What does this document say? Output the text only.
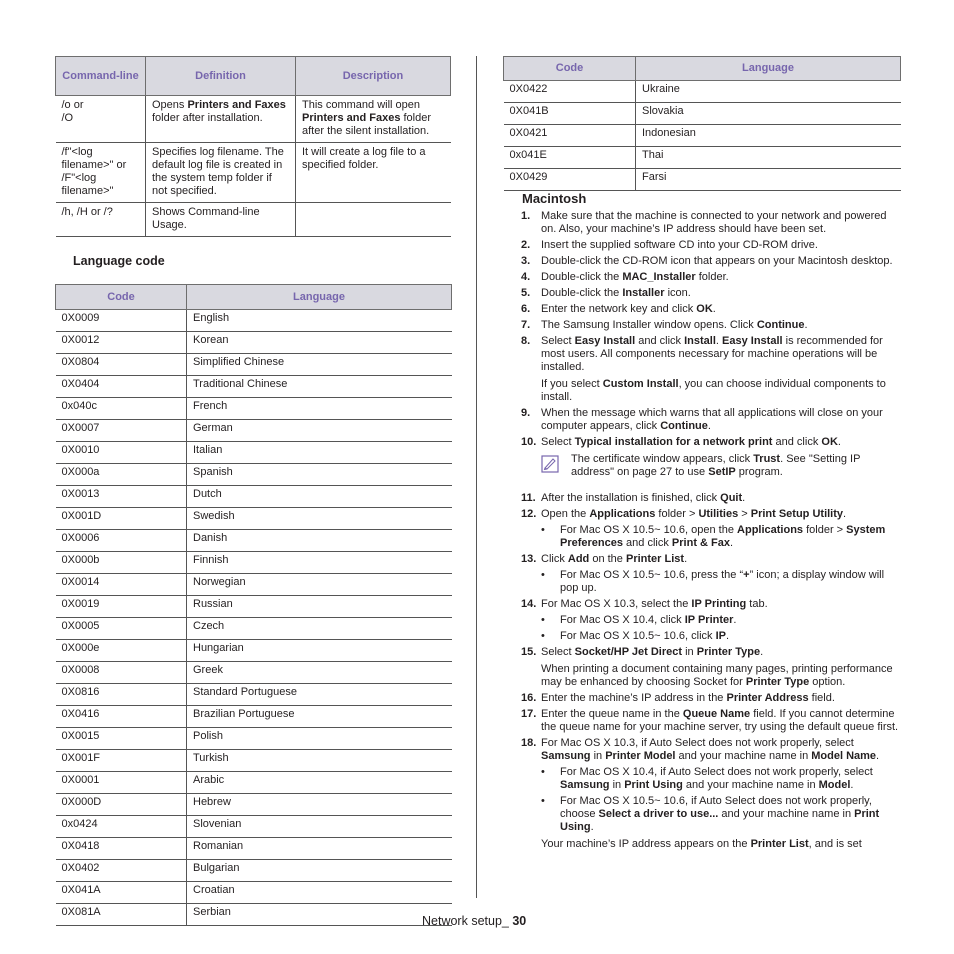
Command-line	Definition	Description

/o or
/O	Opens Printers and Faxes folder after installation.	This command will open Printers and Faxes folder after the silent installation.

/f"<log
filename>" or
/F"<log
filename>"	Specifies log filename. The default log file is created in the system temp folder if not specified.	It will create a log file to a specified folder.

/h, /H or /?	Shows Command-line Usage.	
Language code
Code	Language
0X0009	English
0X0012	Korean
0X0804	Simplified Chinese
0X0404	Traditional Chinese
0x040c	French
0X0007	German
0X0010	Italian
0X000a	Spanish
0X0013	Dutch
0X001D	Swedish
0X0006	Danish
0X000b	Finnish
0X0014	Norwegian
0X0019	Russian
0X0005	Czech
0X000e	Hungarian
0X0008	Greek
0X0816	Standard Portuguese
0X0416	Brazilian Portuguese
0X0015	Polish
0X001F	Turkish
0X0001	Arabic
0X000D	Hebrew
0x0424	Slovenian
0X0418	Romanian
0X0402	Bulgarian
0X041A	Croatian
0X081A	Serbian
Code	Language
0X0422	Ukraine
0X041B	Slovakia
0X0421	Indonesian
0x041E	Thai
0X0429	Farsi
Macintosh
1. Make sure that the machine is connected to your network and powered on. Also, your machine’s IP address should have been set.
2. Insert the supplied software CD into your CD-ROM drive.
3. Double-click the CD-ROM icon that appears on your Macintosh desktop.
4. Double-click the MAC_Installer folder.
5. Double-click the Installer icon.
6. Enter the network key and click OK.
7. The Samsung Installer window opens. Click Continue.
8. Select Easy Install and click Install. Easy Install is recommended for most users. All components necessary for machine operations will be installed.
If you select Custom Install, you can choose individual components to install.
9. When the message which warns that all applications will close on your computer appears, click Continue.
10. Select Typical installation for a network print and click OK.
The certificate window appears, click Trust. See "Setting IP address" on page 27 to use SetIP program.
11. After the installation is finished, click Quit.
12. Open the Applications folder > Utilities > Print Setup Utility.
• For Mac OS X 10.5~ 10.6, open the Applications folder > System Preferences and click Print & Fax.
13. Click Add on the Printer List.
• For Mac OS X 10.5~ 10.6, press the “+” icon; a display window will pop up.
14. For Mac OS X 10.3, select the IP Printing tab.
• For Mac OS X 10.4, click IP Printer.
• For Mac OS X 10.5~ 10.6, click IP.
15. Select Socket/HP Jet Direct in Printer Type.
When printing a document containing many pages, printing performance may be enhanced by choosing Socket for Printer Type option.
16. Enter the machine’s IP address in the Printer Address field.
17. Enter the queue name in the Queue Name field. If you cannot determine the queue name for your machine server, try using the default queue first.
18. For Mac OS X 10.3, if Auto Select does not work properly, select Samsung in Printer Model and your machine name in Model Name.
• For Mac OS X 10.4, if Auto Select does not work properly, select Samsung in Print Using and your machine name in Model.
• For Mac OS X 10.5~ 10.6, if Auto Select does not work properly, choose Select a driver to use... and your machine name in Print Using.
Your machine’s IP address appears on the Printer List, and is set
Network setup_ 30
